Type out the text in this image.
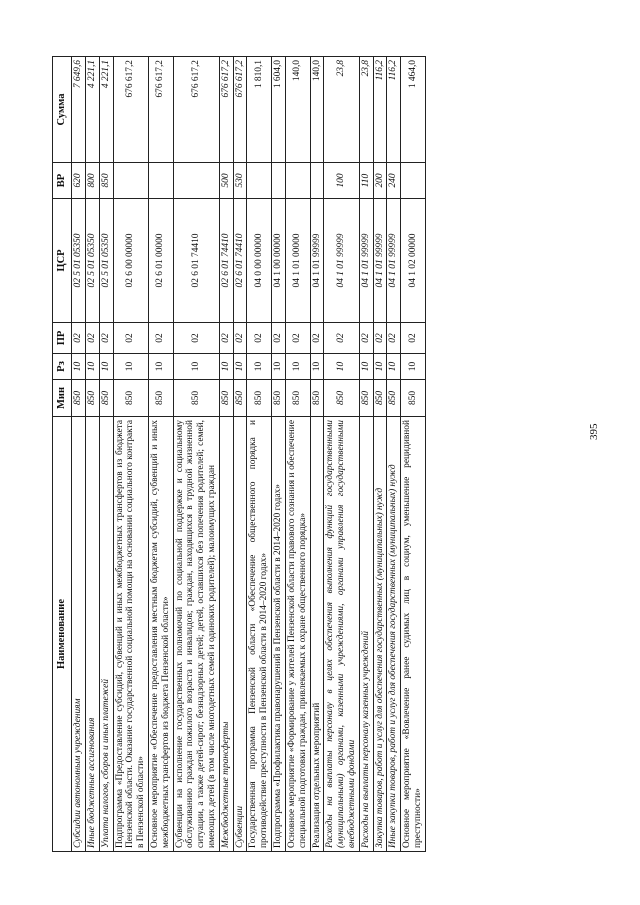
395
Наименование	Мин	Рз	ПР	ЦСР	ВР	Сумма
Субсидии автономным учреждениям	850	10	02	02 5 01 05350	620	7 649,6
Иные бюджетные ассигнования	850	10	02	02 5 01 05350	800	4 221,1
Уплата налогов, сборов и иных платежей	850	10	02	02 5 01 05350	850	4 221,1
Подпрограмма «Предоставление субсидий, субвенций и иных межбюджетных трансфертов из бюджета Пензенской области. Оказание государственной социальной помощи на основании социального контракта в Пензенской области»	850	10	02	02 6 00 00000		676 617,2
Основное мероприятие «Обеспечение предоставления местным бюджетам субсидий, субвенций и иных межбюджетных трансфертов из бюджета Пензенской области»	850	10	02	02 6 01 00000		676 617,2
Субвенции на исполнение государственных полномочий по социальной поддержке и социальному обслуживанию граждан пожилого возраста и инвалидов; граждан, находящихся в трудной жизненной ситуации, а также детей-сирот; безнадзорных детей; детей, оставшихся без попечения родителей; семей, имеющих детей (в том числе многодетных семей и одиноких родителей); малоимущих граждан	850	10	02	02 6 01 74410		676 617,2
Межбюджетные трансферты	850	10	02	02 6 01 74410	500	676 617,2
Субвенции	850	10	02	02 6 01 74410	530	676 617,2
Государственная программа Пензенской области «Обеспечение общественного порядка и противодействие преступности в Пензенской области в 2014–2020 годах»	850	10	02	04 0 00 00000		1 810,1
Подпрограмма «Профилактика правонарушений в Пензенской области в 2014–2020 годах»	850	10	02	04 1 00 00000		1 604,0
Основное мероприятие «Формирование у жителей Пензенской области правового сознания и обеспечение специальной подготовки граждан, привлекаемых к охране общественного порядка»	850	10	02	04 1 01 00000		140,0
Реализация отдельных мероприятий	850	10	02	04 1 01 99999		140,0
Расходы на выплаты персоналу в целях обеспечения выполнения функций государственными (муниципальными) органами, казенными учреждениями, органами управления государственными внебюджетными фондами	850	10	02	04 1 01 99999	100	23,8
Расходы на выплаты персоналу казенных учреждений	850	10	02	04 1 01 99999	110	23,8
Закупка товаров, работ и услуг для обеспечения государственных (муниципальных) нужд	850	10	02	04 1 01 99999	200	116,2
Иные закупки товаров, работ и услуг для обеспечения государственных (муниципальных) нужд	850	10	02	04 1 01 99999	240	116,2
Основное мероприятие «Вовлечение ранее судимых лиц в социум, уменьшение рецидивной преступности»	850	10	02	04 1 02 00000		1 464,0
